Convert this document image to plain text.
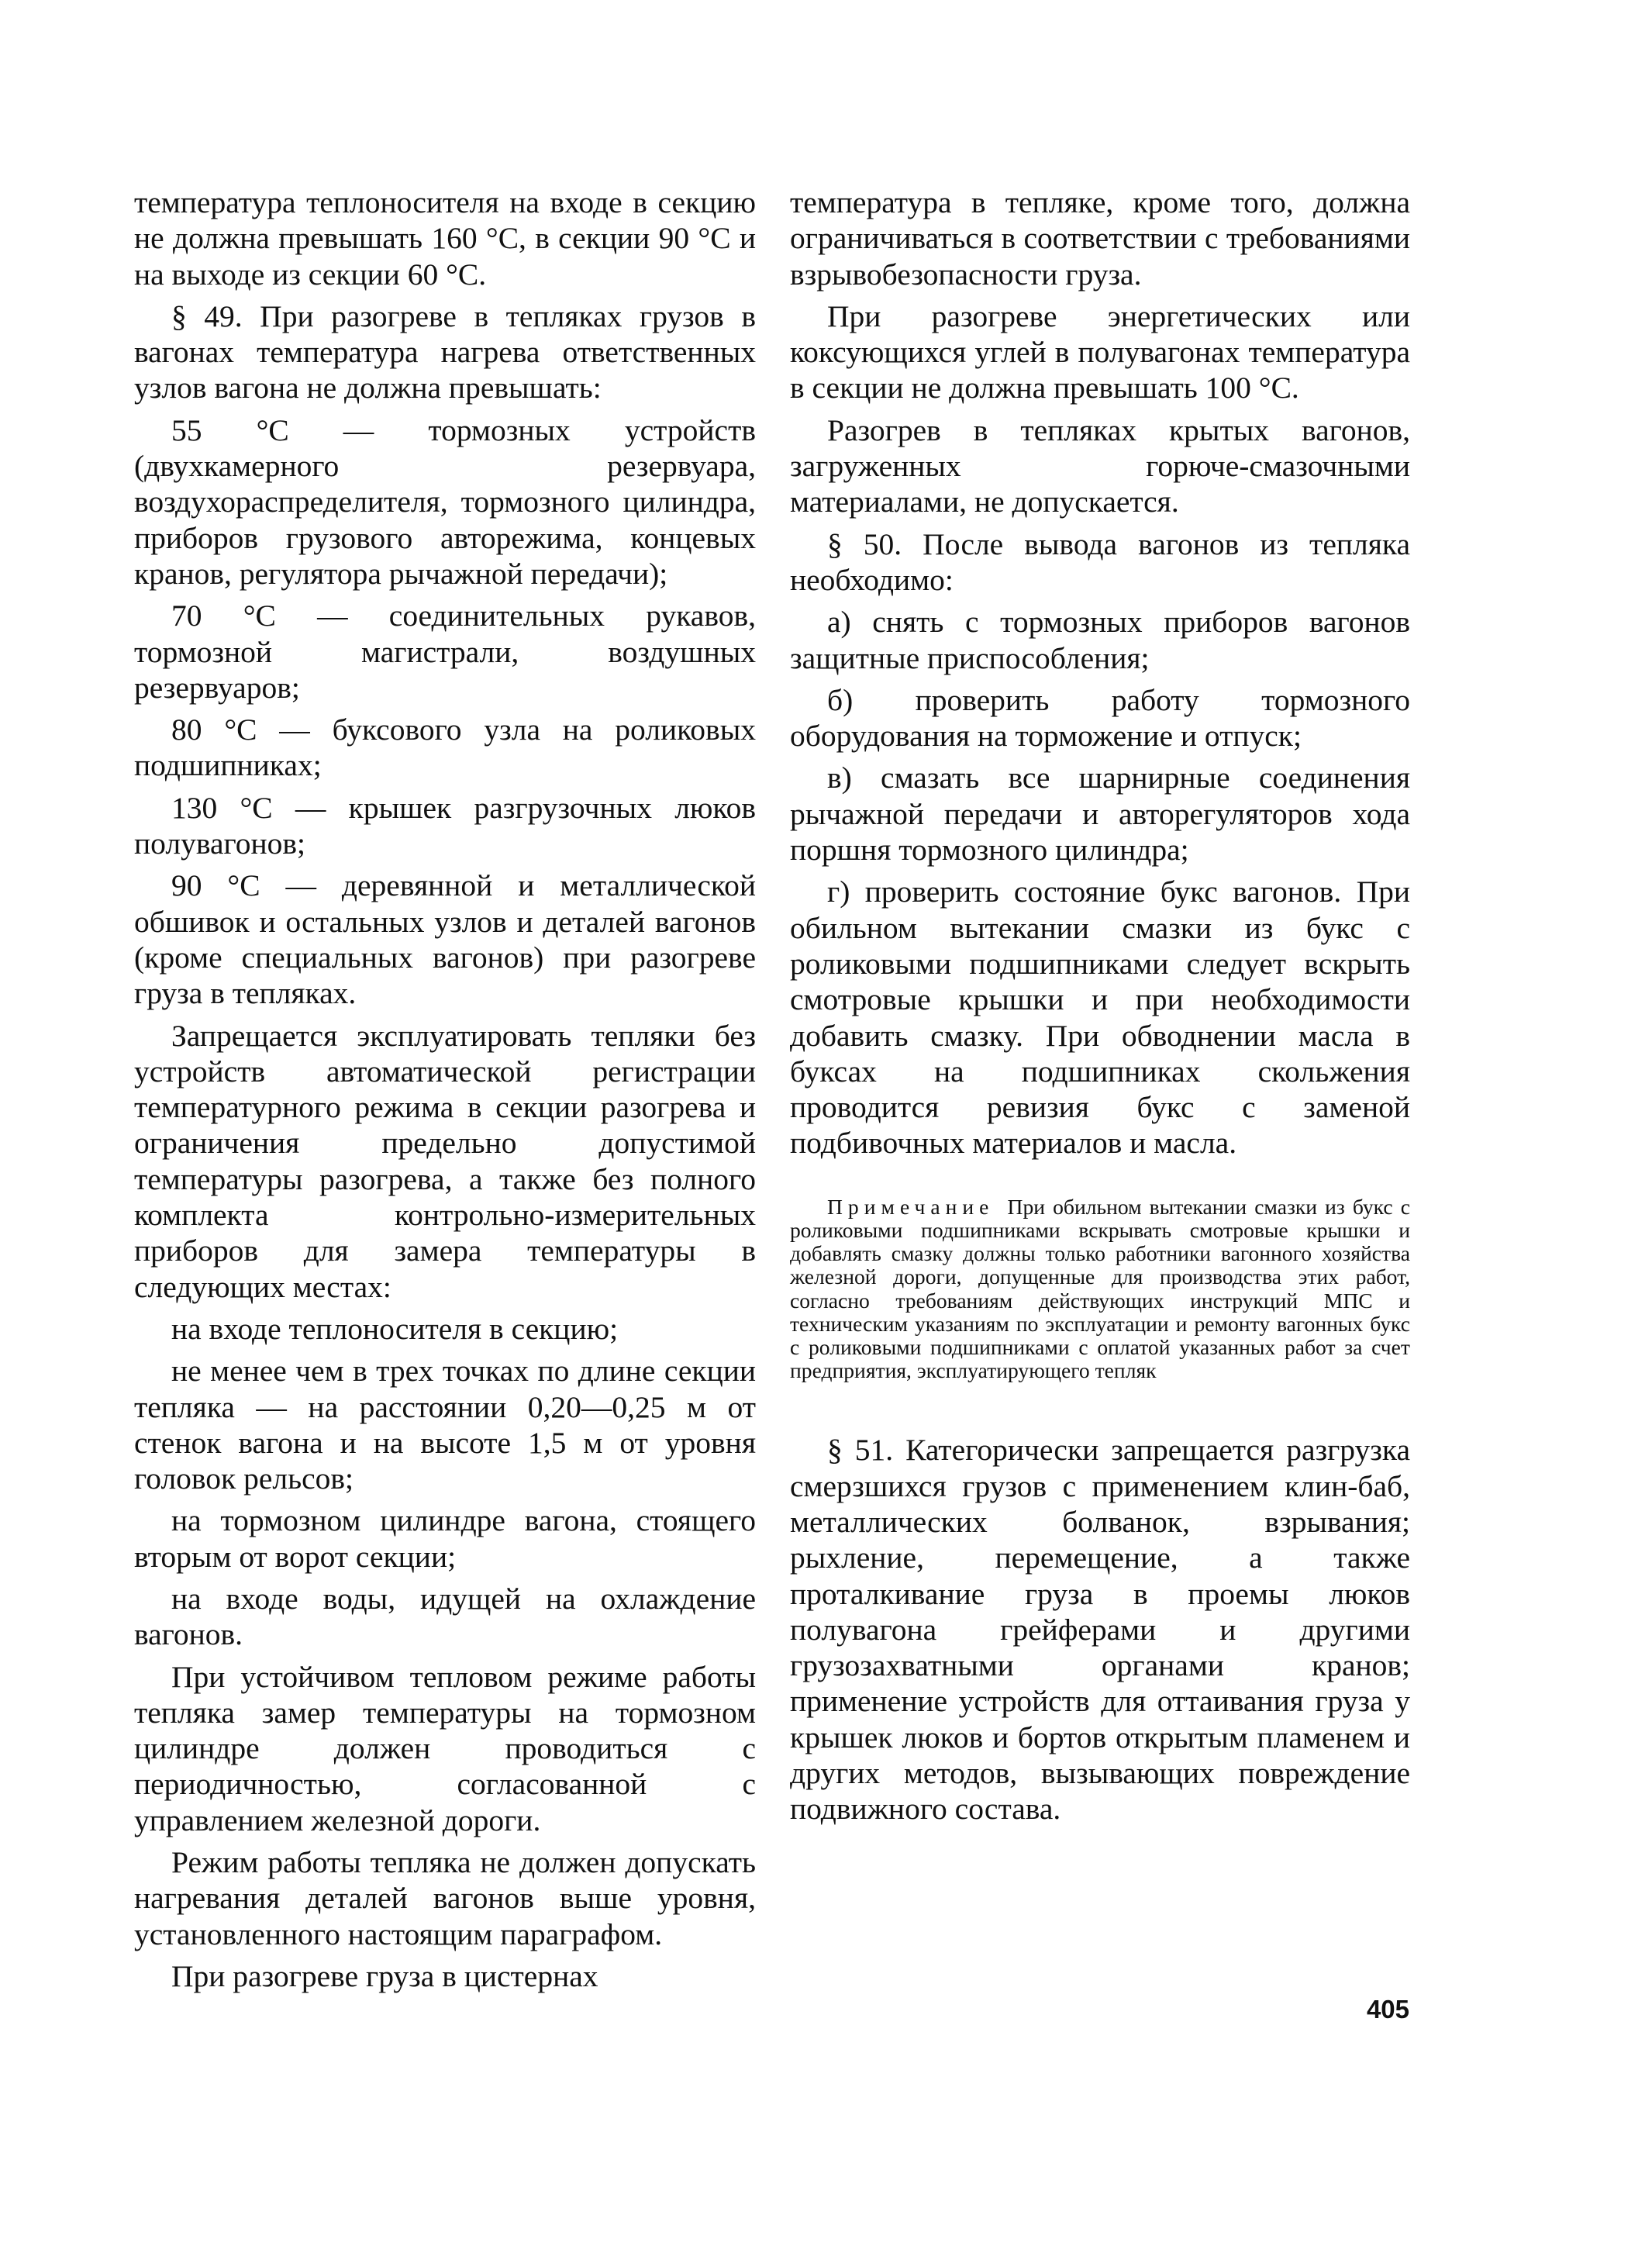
температура теплоносителя на входе в секцию не должна превышать 160 °С, в секции 90 °С и на выходе из секции 60 °С.

§ 49. При разогреве в тепляках грузов в вагонах температура нагрева ответственных узлов вагона не должна превышать:

55 °С — тормозных устройств (двухкамерного резервуара, воздухораспределителя, тормозного цилиндра, приборов грузового авторежима, концевых кранов, регулятора рычажной передачи);

70 °С — соединительных рукавов, тормозной магистрали, воздушных резервуаров;

80 °С — буксового узла на роликовых подшипниках;

130 °С — крышек разгрузочных люков полувагонов;

90 °С — деревянной и металлической обшивок и остальных узлов и деталей вагонов (кроме специальных вагонов) при разогреве груза в тепляках.

Запрещается эксплуатировать тепляки без устройств автоматической регистрации температурного режима в секции разогрева и ограничения предельно допустимой температуры разогрева, а также без полного комплекта контрольно-измерительных приборов для замера температуры в следующих местах:

на входе теплоносителя в секцию;

не менее чем в трех точках по длине секции тепляка — на расстоянии 0,20—0,25 м от стенок вагона и на высоте 1,5 м от уровня головок рельсов;

на тормозном цилиндре вагона, стоящего вторым от ворот секции;

на входе воды, идущей на охлаждение вагонов.

При устойчивом тепловом режиме работы тепляка замер температуры на тормозном цилиндре должен проводиться с периодичностью, согласованной с управлением железной дороги.

Режим работы тепляка не должен допускать нагревания деталей вагонов выше уровня, установленного настоящим параграфом.

При разогреве груза в цистернах

температура в тепляке, кроме того, должна ограничиваться в соответствии с требованиями взрывобезопасности груза.

При разогреве энергетических или коксующихся углей в полувагонах температура в секции не должна превышать 100 °С.

Разогрев в тепляках крытых вагонов, загруженных горюче-смазочными материалами, не допускается.

§ 50. После вывода вагонов из тепляка необходимо:

а) снять с тормозных приборов вагонов защитные приспособления;

б) проверить работу тормозного оборудования на торможение и отпуск;

в) смазать все шарнирные соединения рычажной передачи и авторегуляторов хода поршня тормозного цилиндра;

г) проверить состояние букс вагонов. При обильном вытекании смазки из букс с роликовыми подшипниками следует вскрыть смотровые крышки и при необходимости добавить смазку. При обводнении масла в буксах на подшипниках скольжения проводится ревизия букс с заменой подбивочных материалов и масла.

Примечание При обильном вытекании смазки из букс с роликовыми подшипниками вскрывать смотровые крышки и добавлять смазку должны только работники вагонного хозяйства железной дороги, допущенные для производства этих работ, согласно требованиям действующих инструкций МПС и техническим указаниям по эксплуатации и ремонту вагонных букс с роликовыми подшипниками с оплатой указанных работ за счет предприятия, эксплуатирующего тепляк

§ 51. Категорически запрещается разгрузка смерзшихся грузов с применением клин-баб, металлических болванок, взрывания; рыхление, перемещение, а также проталкивание груза в проемы люков полувагона грейферами и другими грузозахватными органами кранов; применение устройств для оттаивания груза у крышек люков и бортов открытым пламенем и других методов, вызывающих повреждение подвижного состава.

405
